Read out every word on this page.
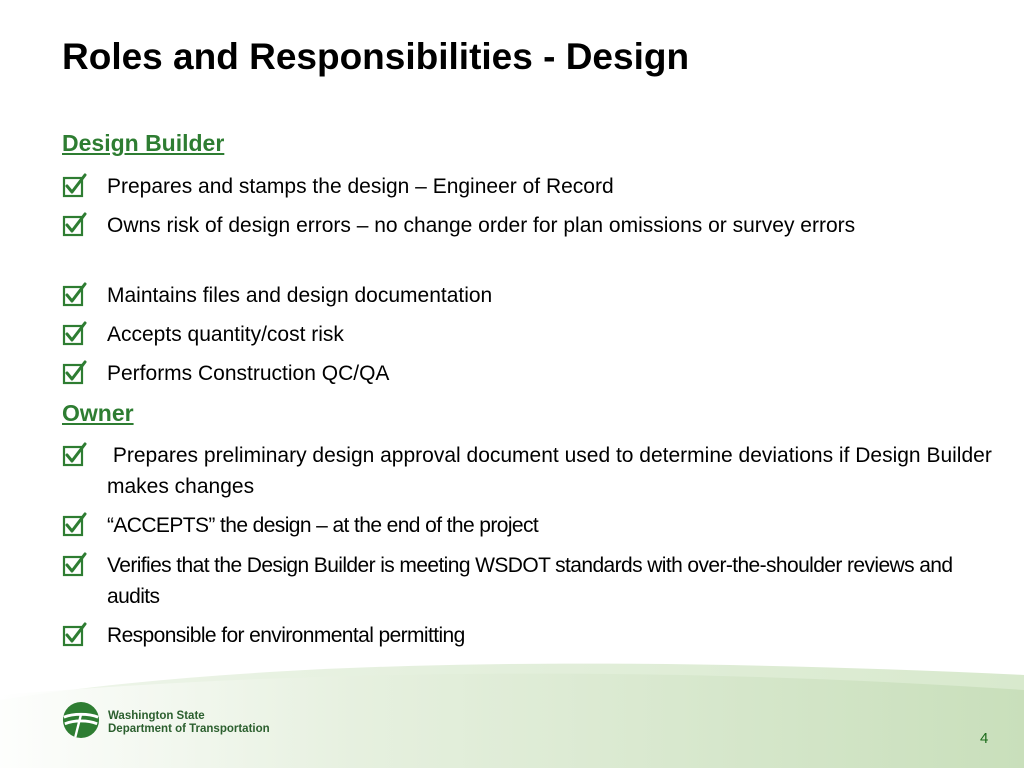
Roles and Responsibilities - Design
Design Builder
Prepares and stamps the design – Engineer of Record
Owns risk of design errors – no change order for plan omissions or survey errors
Maintains files and design documentation
Accepts quantity/cost risk
Performs Construction QC/QA
Owner
Prepares preliminary design approval document used to determine deviations if Design Builder makes changes
“ACCEPTS” the design – at the end of the project
Verifies that the Design Builder is meeting WSDOT standards with over-the-shoulder reviews and audits
Responsible for environmental permitting
Washington State
Department of Transportation
4
